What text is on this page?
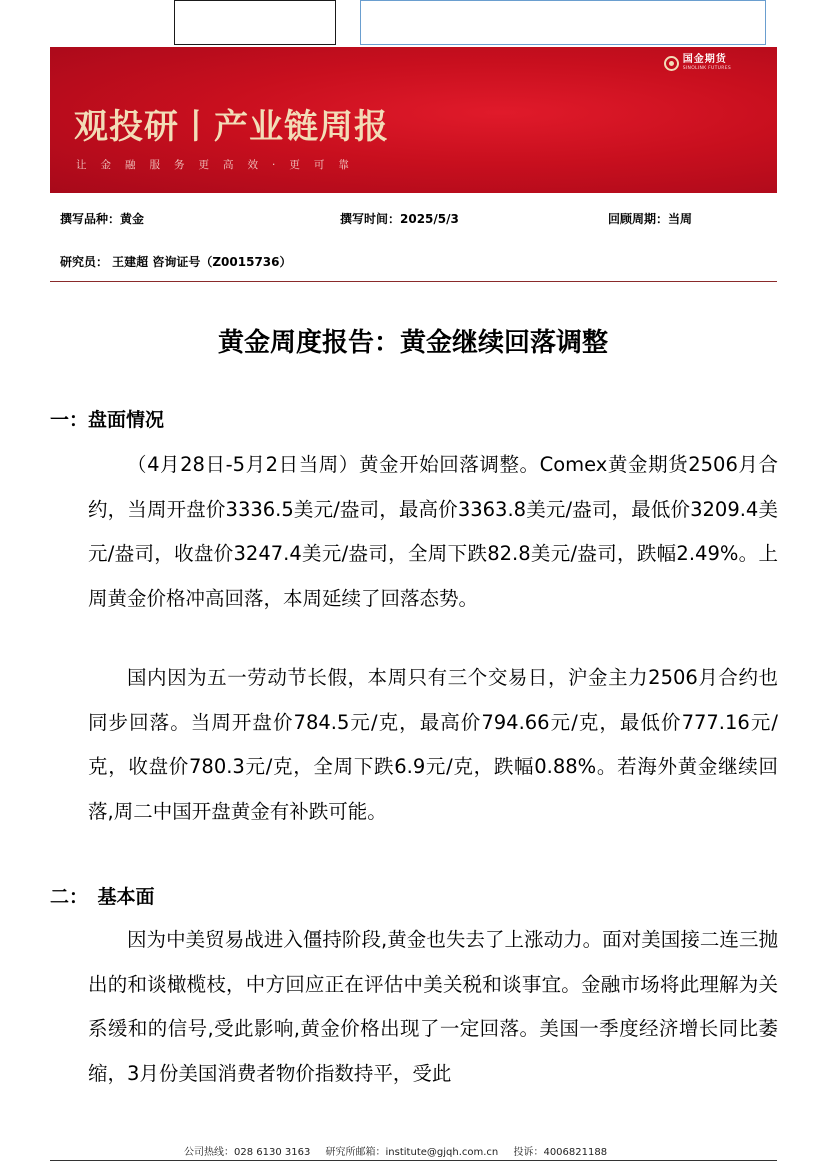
观投研丨产业链周报
让金融服务更高效·更可靠
国金期货
SINOLINK FUTURES
撰写品种：黄金	撰写时间：2025/5/3	回顾周期：当周
研究员： 王建超 咨询证号（Z0015736）
黄金周度报告：黄金继续回落调整
一：盘面情况
（4月28日-5月2日当周）黄金开始回落调整。Comex黄金期货2506月合约，当周开盘价3336.5美元/盎司，最高价3363.8美元/盎司，最低价3209.4美元/盎司，收盘价3247.4美元/盎司，全周下跌82.8美元/盎司，跌幅2.49%。上周黄金价格冲高回落，本周延续了回落态势。
国内因为五一劳动节长假，本周只有三个交易日，沪金主力2506月合约也同步回落。当周开盘价784.5元/克，最高价794.66元/克，最低价777.16元/克，收盘价780.3元/克，全周下跌6.9元/克，跌幅0.88%。若海外黄金继续回落,周二中国开盘黄金有补跌可能。
二：　基本面
因为中美贸易战进入僵持阶段,黄金也失去了上涨动力。面对美国接二连三抛出的和谈橄榄枝，中方回应正在评估中美关税和谈事宜。金融市场将此理解为关系缓和的信号,受此影响,黄金价格出现了一定回落。美国一季度经济增长同比萎缩，3月份美国消费者物价指数持平，受此
公司热线：028 6130 3163 研究所邮箱：institute@gjqh.com.cn 投诉：4006821188
